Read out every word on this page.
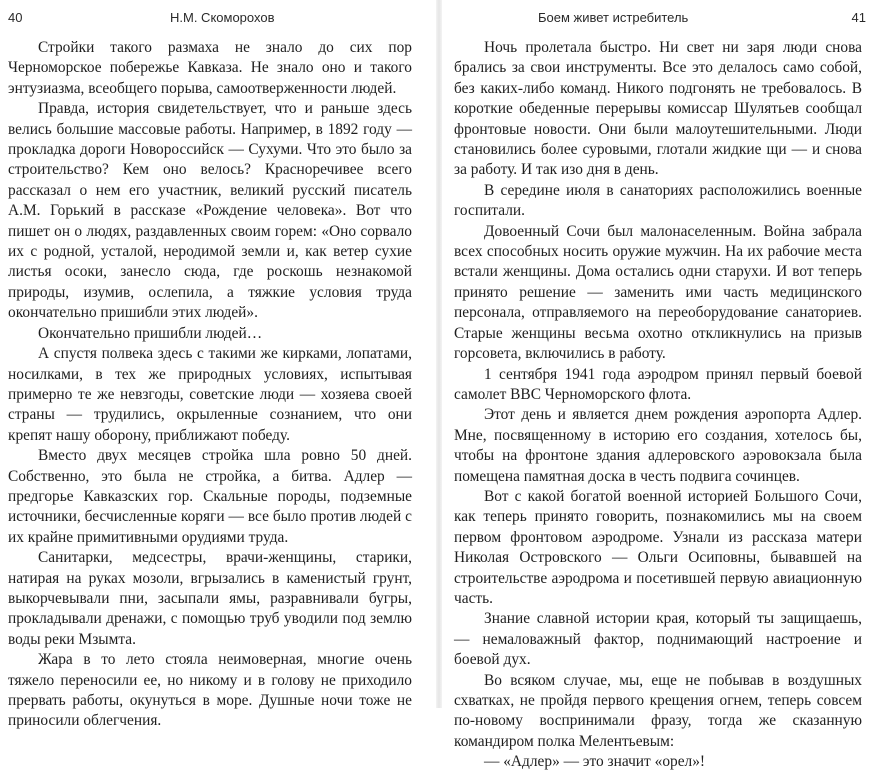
40	Н.М. Скоморохов

Стройки такого размаха не знало до сих пор Черноморское побережье Кавказа. Не знало оно и такого энтузиазма, всеобщего порыва, самоотверженности людей.

Правда, история свидетельствует, что и раньше здесь велись большие массовые работы. Например, в 1892 году — прокладка дороги Новороссийск — Сухуми. Что это было за строительство? Кем оно велось? Красноречивее всего рассказал о нем его участник, великий русский писатель А.М. Горький в рассказе «Рождение человека». Вот что пишет он о людях, раздавленных своим горем: «Оно сорвало их с родной, усталой, неродимой земли и, как ветер сухие листья осоки, занесло сюда, где роскошь незнакомой природы, изумив, ослепила, а тяжкие условия труда окончательно пришибли этих людей».

Окончательно пришибли людей…

А спустя полвека здесь с такими же кирками, лопатами, носилками, в тех же природных условиях, испытывая примерно те же невзгоды, советские люди — хозяева своей страны — трудились, окрыленные сознанием, что они крепят нашу оборону, приближают победу.

Вместо двух месяцев стройка шла ровно 50 дней. Собственно, это была не стройка, а битва. Адлер — предгорье Кавказских гор. Скальные породы, подземные источники, бесчисленные коряги — все было против людей с их крайне примитивными орудиями труда.

Санитарки, медсестры, врачи-женщины, старики, натирая на руках мозоли, вгрызались в каменистый грунт, выкорчевывали пни, засыпали ямы, разравнивали бугры, прокладывали дренажи, с помощью труб уводили под землю воды реки Мзымта.

Жара в то лето стояла неимоверная, многие очень тяжело переносили ее, но никому и в голову не приходило прервать работы, окунуться в море. Душные ночи тоже не приносили облегчения.

Боем живет истребитель	41

Ночь пролетала быстро. Ни свет ни заря люди снова брались за свои инструменты. Все это делалось само собой, без каких-либо команд. Никого подгонять не требовалось. В короткие обеденные перерывы комиссар Шулятьев сообщал фронтовые новости. Они были малоутешительными. Люди становились более суровыми, глотали жидкие щи — и снова за работу. И так изо дня в день.

В середине июля в санаториях расположились военные госпитали.

Довоенный Сочи был малонаселенным. Война забрала всех способных носить оружие мужчин. На их рабочие места встали женщины. Дома остались одни старухи. И вот теперь принято решение — заменить ими часть медицинского персонала, отправляемого на переоборудование санаториев. Старые женщины весьма охотно откликнулись на призыв горсовета, включились в работу.

1 сентября 1941 года аэродром принял первый боевой самолет ВВС Черноморского флота.

Этот день и является днем рождения аэропорта Адлер. Мне, посвященному в историю его создания, хотелось бы, чтобы на фронтоне здания адлеровского аэровокзала была помещена памятная доска в честь подвига сочинцев.

Вот с какой богатой военной историей Большого Сочи, как теперь принято говорить, познакомились мы на своем первом фронтовом аэродроме. Узнали из рассказа матери Николая Островского — Ольги Осиповны, бывавшей на строительстве аэродрома и посетившей первую авиационную часть.

Знание славной истории края, который ты защищаешь, — немаловажный фактор, поднимающий настроение и боевой дух.

Во всяком случае, мы, еще не побывав в воздушных схватках, не пройдя первого крещения огнем, теперь совсем по-новому воспринимали фразу, тогда же сказанную командиром полка Мелентьевым:

— «Адлер» — это значит «орел»!
